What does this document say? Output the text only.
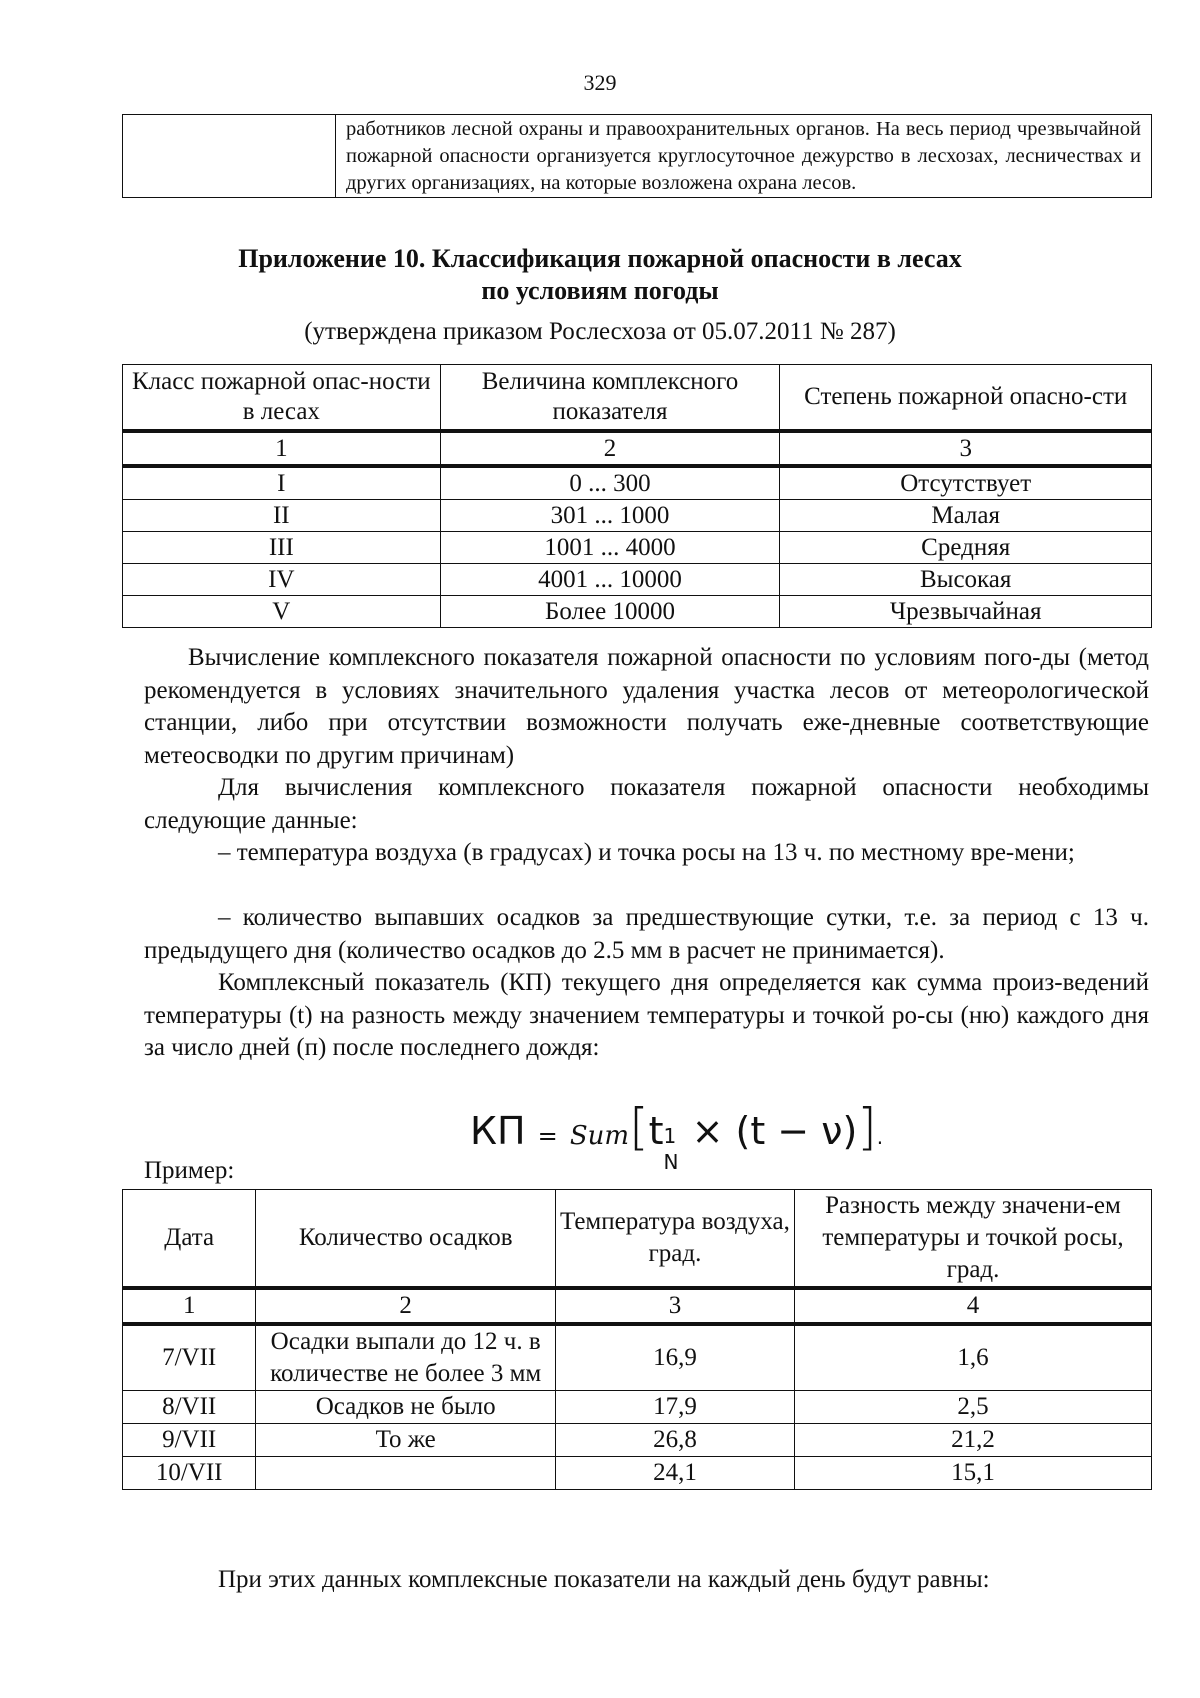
329
	работников лесной охраны и правоохранительных органов. На весь период чрезвычайной пожарной опасности организуется круглосуточное дежурство в лесхозах, лесничествах и других организациях, на которые возложена охрана лесов.
Приложение 10. Классификация пожарной опасности в лесах
по условиям погоды
(утверждена приказом Рослесхоза от 05.07.2011 № 287)
Класс пожарной опас-ности в лесах	Величина комплексного показателя	Степень пожарной опасно-сти
1	2	3
I	0 ... 300	Отсутствует
II	301 ... 1000	Малая
III	1001 ... 4000	Средняя
IV	4001 ... 10000	Высокая
V	Более 10000	Чрезвычайная

Вычисление комплексного показателя пожарной опасности по условиям пого-ды (метод рекомендуется в условиях значительного удаления участка лесов от метеорологической станции, либо при отсутствии возможности получать еже-дневные соответствующие метеосводки по другим причинам)

Для вычисления комплексного показателя пожарной опасности необходимы следующие данные:

– температура воздуха (в градусах) и точка росы на 13 ч. по местному вре-мени;

– количество выпавших осадков за предшествующие сутки, т.е. за период с 13 ч. предыдущего дня (количество осадков до 2.5 мм в расчет не принимается).

Комплексный показатель (КП) текущего дня определяется как сумма произ-ведений температуры (t) на разность между значением температуры и точкой ро-сы (ню) каждого дня за число дней (п) после последнего дождя:

КП = Sum[t 1
N
× (t − ν)].
Пример:
Дата	Количество осадков	Температура воздуха, град.	Разность между значени-ем температуры и точкой росы, град.
1	2	3	4
7/VII	Осадки выпали до 12 ч. в количестве не более 3 мм	16,9	1,6
8/VII	Осадков не было	17,9	2,5
9/VII	То же	26,8	21,2
10/VII		24,1	15,1
При этих данных комплексные показатели на каждый день будут равны:
